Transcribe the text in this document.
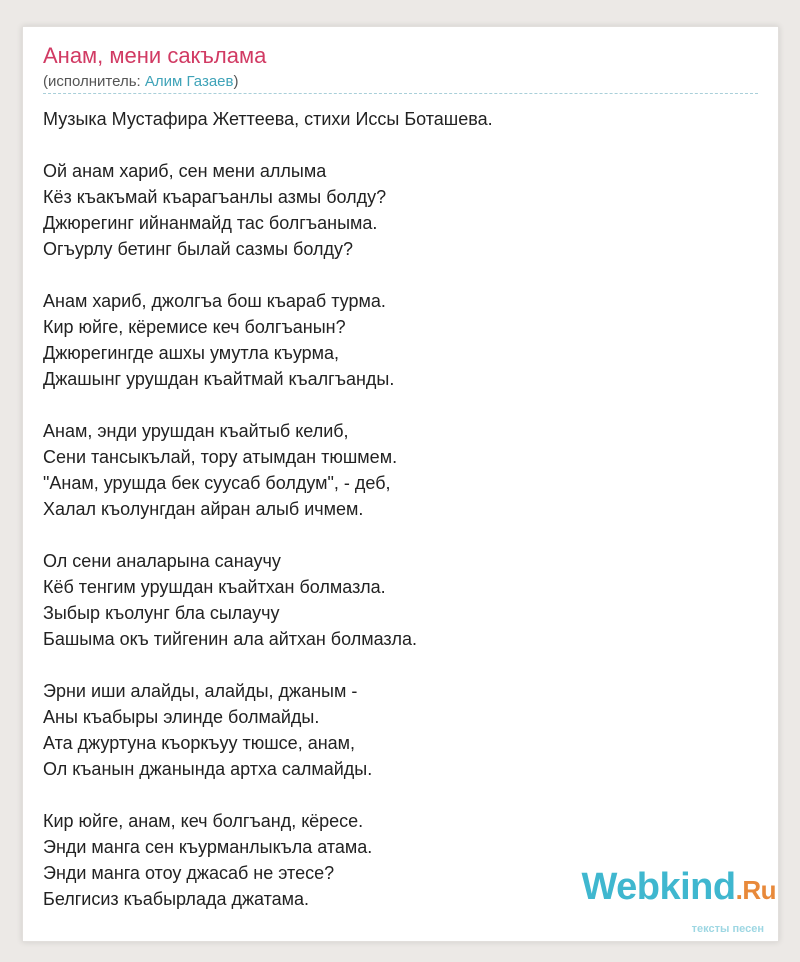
Анам, мени сакълама
(исполнитель: Алим Газаев)
Музыка Мустафира Жеттеева, стихи Иссы Боташева.
Ой анам хариб, сен мени аллыма
Кёз къакъмай къарагъанлы азмы болду?
Джюрегинг ийнанмайд тас болгъаныма.
Огъурлу бетинг былай сазмы болду?
Анам хариб, джолгъа бош къараб турма.
Кир юйге, кёремисе кеч болгъанын?
Джюрегингде ашхы умутла къурма,
Джашынг урушдан къайтмай къалгъанды.
Анам, энди урушдан къайтыб келиб,
Сени тансыкълай, тору атымдан тюшмем.
"Анам, урушда бек суусаб болдум", - деб,
Халал къолунгдан айран алыб ичмем.
Ол сени аналарына санаучу
Кёб тенгим урушдан къайтхан болмазла.
Зыбыр къолунг бла сылаучу
Башыма окъ тийгенин ала айтхан болмазла.
Эрни иши алайды, алайды, джаным -
Аны къабыры элинде болмайды.
Ата джуртуна къоркъуу тюшсе, анам,
Ол къанын джанында артха салмайды.
Кир юйге, анам, кеч болгъанд, кёресе.
Энди манга сен къурманлыкъла атама.
Энди манга отоу джасаб не этесе?
Белгисиз къабырлада джатама.	Webkind.Ru
тексты песен
